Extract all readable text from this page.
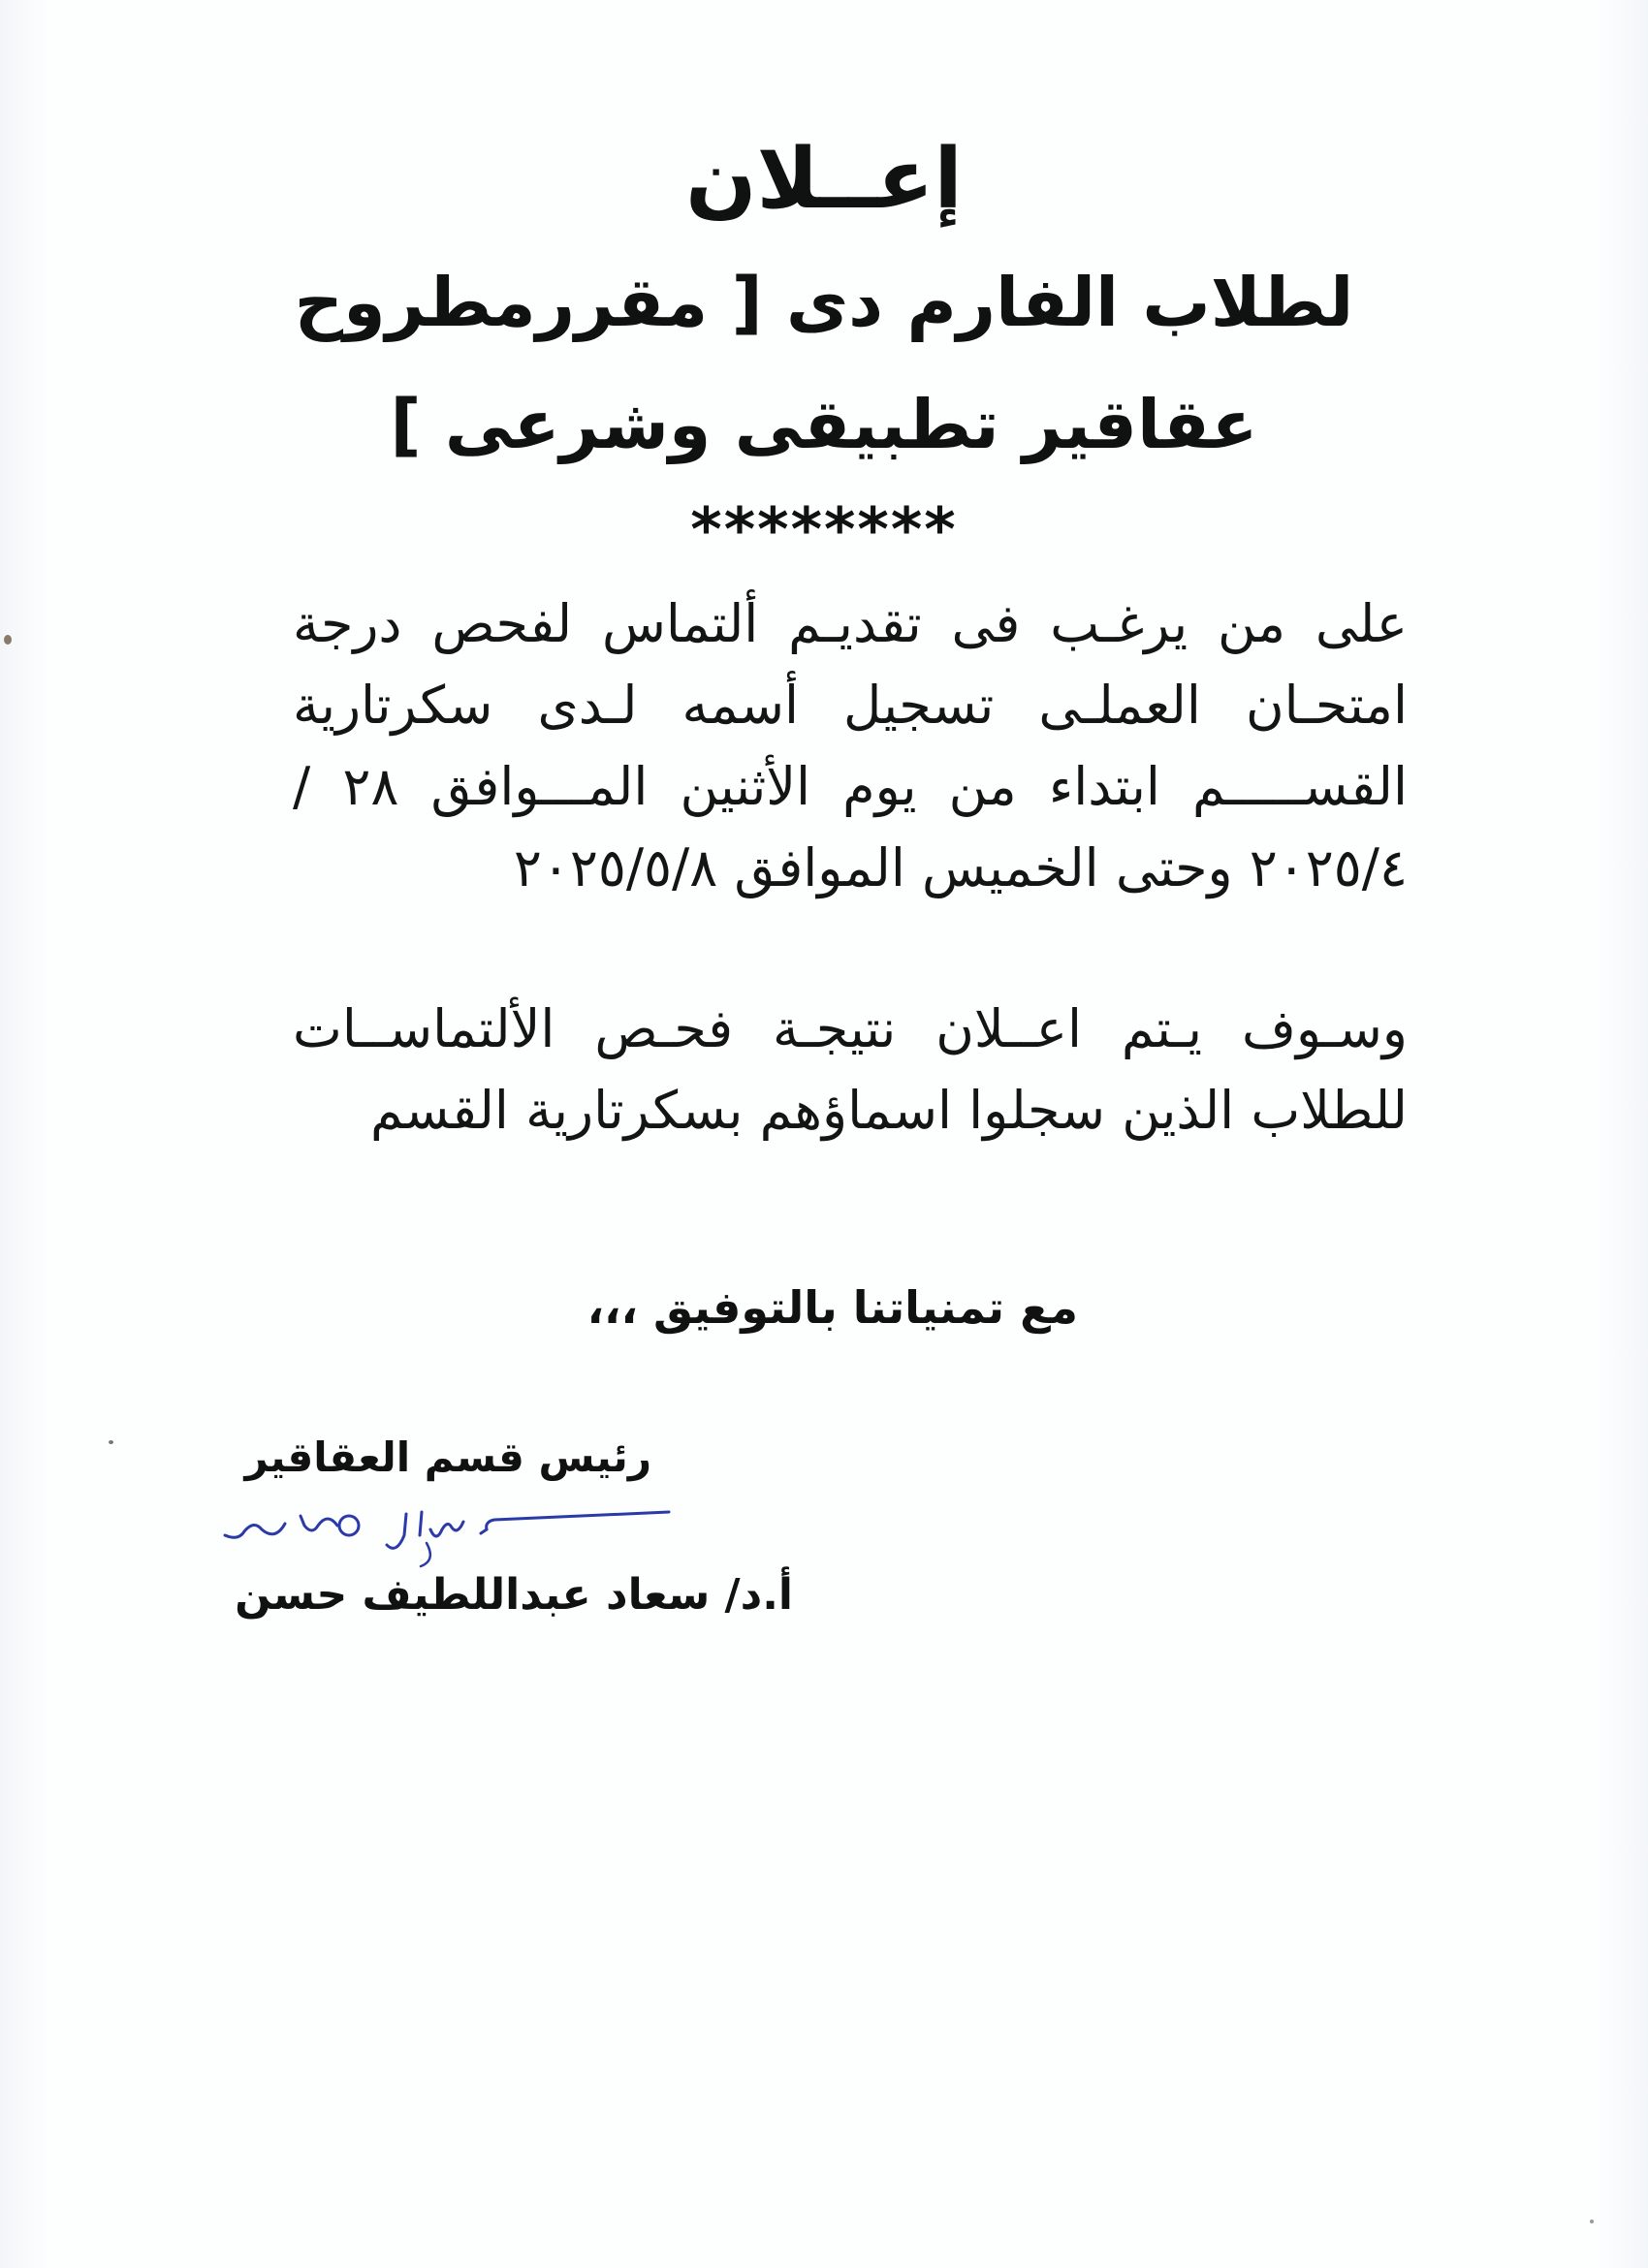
إعــلان
لطلاب الفارم دى [ مقررمطروح
عقاقير تطبيقى وشرعى ]
********
على من يرغـب فى تقديـم ألتماس لفحص درجة امتحـان العملـى تسجيل أسمه لـدى سكرتارية القســـــم ابتداء من يوم الأثنين المـــوافق ٢٨ /٢٠٢٥/٤ وحتى الخميس الموافق ٢٠٢٥/٥/٨
وسـوف يـتم اعــلان نتيجـة فحـص الألتماســات للطلاب الذين سجلوا اسماؤهم بسكرتارية القسم
مع تمنياتنا بالتوفيق ،،،
رئيس قسم العقاقير
أ.د/ سعاد عبداللطيف حسن
